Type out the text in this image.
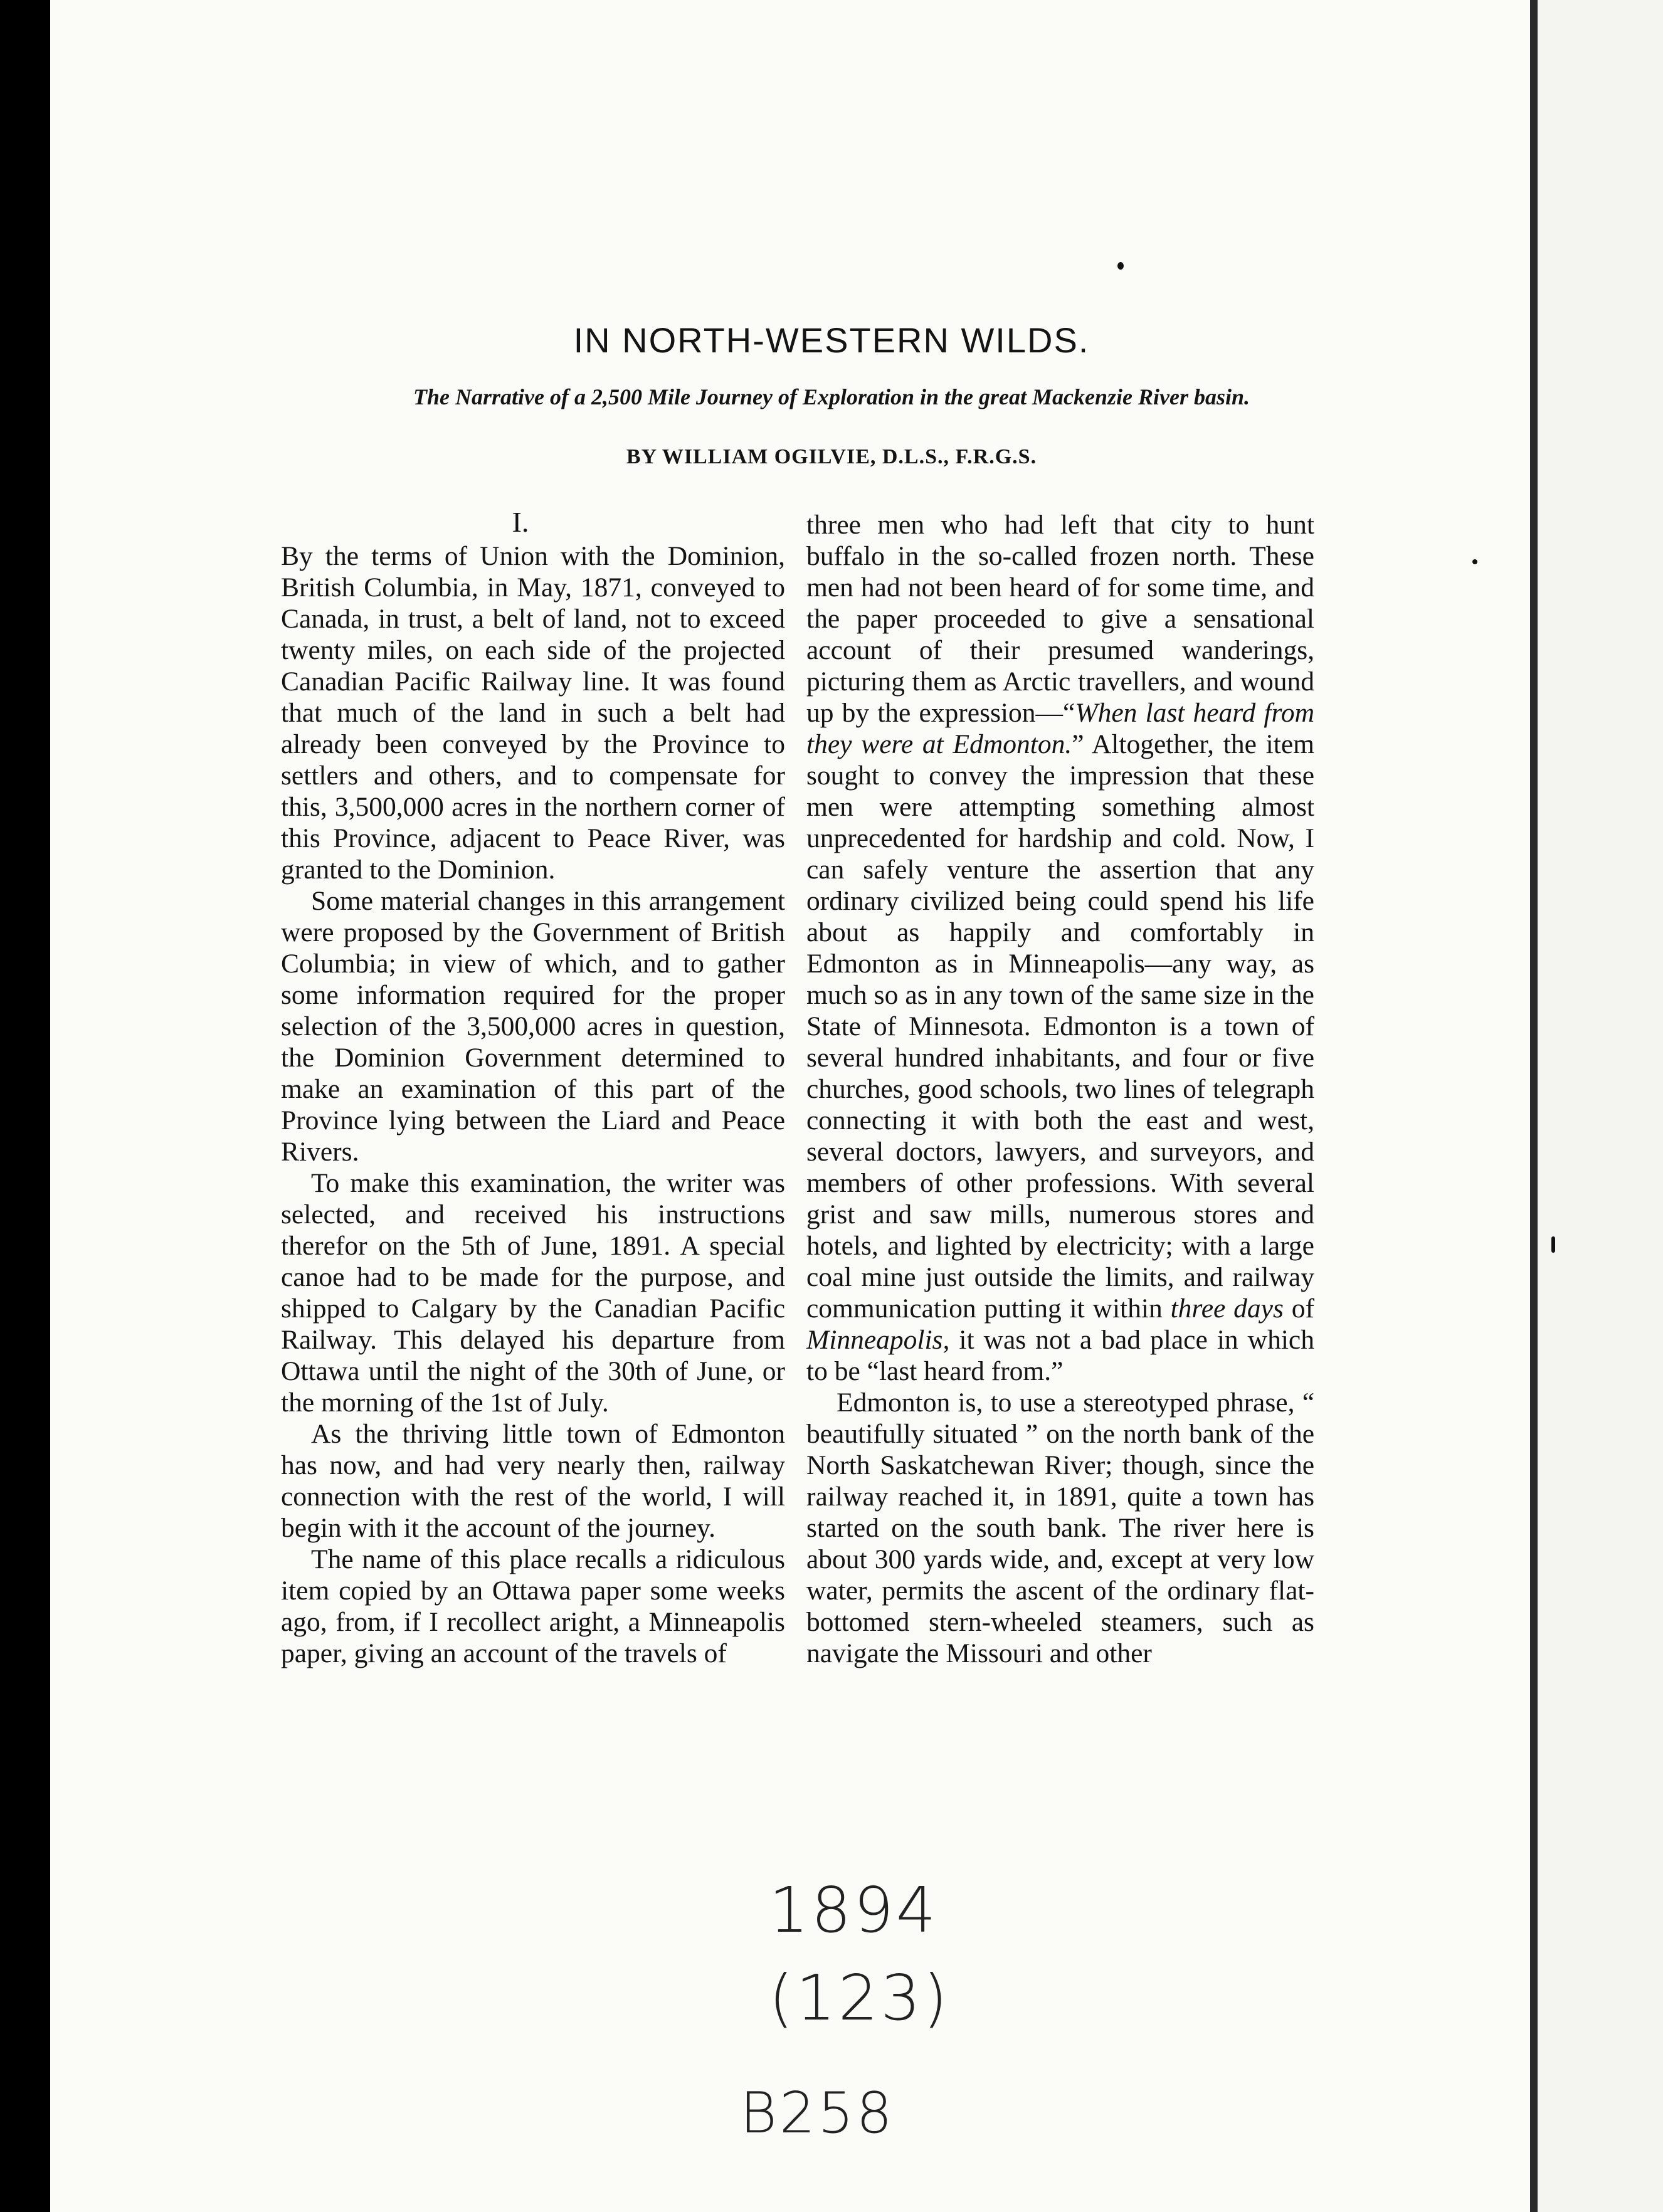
IN NORTH-WESTERN WILDS.
The Narrative of a 2,500 Mile Journey of Exploration in the great Mackenzie River basin.
BY WILLIAM OGILVIE, D.L.S., F.R.G.S.
I.

By the terms of Union with the Dominion, British Columbia, in May, 1871, conveyed to Canada, in trust, a belt of land, not to exceed twenty miles, on each side of the projected Canadian Pacific Railway line. It was found that much of the land in such a belt had already been conveyed by the Province to settlers and others, and to compensate for this, 3,500,000 acres in the northern corner of this Province, adjacent to Peace River, was granted to the Dominion.

Some material changes in this arrangement were proposed by the Government of British Columbia; in view of which, and to gather some information required for the proper selection of the 3,500,000 acres in question, the Dominion Government determined to make an examination of this part of the Province lying between the Liard and Peace Rivers.

To make this examination, the writer was selected, and received his instructions therefor on the 5th of June, 1891. A special canoe had to be made for the purpose, and shipped to Calgary by the Canadian Pacific Railway. This delayed his departure from Ottawa until the night of the 30th of June, or the morning of the 1st of July.

As the thriving little town of Edmonton has now, and had very nearly then, railway connection with the rest of the world, I will begin with it the account of the journey.

The name of this place recalls a ridiculous item copied by an Ottawa paper some weeks ago, from, if I recollect aright, a Minneapolis paper, giving an account of the travels of

three men who had left that city to hunt buffalo in the so-called frozen north. These men had not been heard of for some time, and the paper proceeded to give a sensational account of their presumed wanderings, picturing them as Arctic travellers, and wound up by the expression—“When last heard from they were at Edmonton.” Altogether, the item sought to convey the impression that these men were attempting something almost unprecedented for hardship and cold. Now, I can safely venture the assertion that any ordinary civilized being could spend his life about as happily and comfortably in Edmonton as in Minneapolis—any way, as much so as in any town of the same size in the State of Minnesota. Edmonton is a town of several hundred inhabitants, and four or five churches, good schools, two lines of telegraph connecting it with both the east and west, several doctors, lawyers, and surveyors, and members of other professions. With several grist and saw mills, numerous stores and hotels, and lighted by electricity; with a large coal mine just outside the limits, and railway communication putting it within three days of Minneapolis, it was not a bad place in which to be “last heard from.”

Edmonton is, to use a stereotyped phrase, “ beautifully situated ” on the north bank of the North Saskatchewan River; though, since the railway reached it, in 1891, quite a town has started on the south bank. The river here is about 300 yards wide, and, except at very low water, permits the ascent of the ordinary flat-bottomed stern-wheeled steamers, such as navigate the Missouri and other

1894
(123)
B258
